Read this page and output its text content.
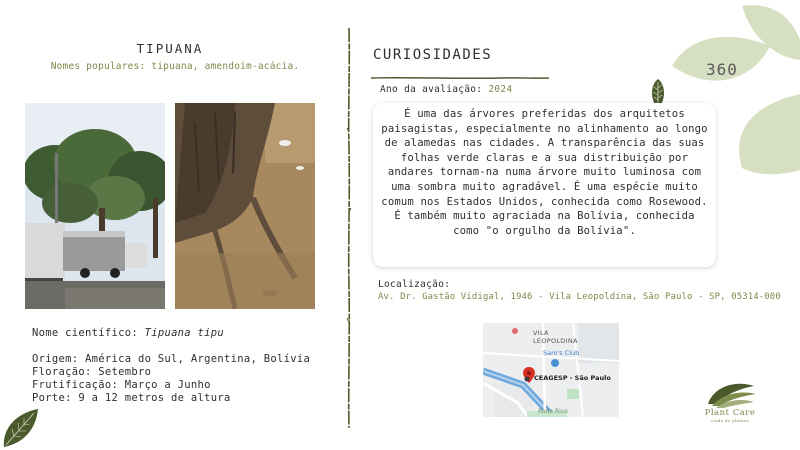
360
TIPUANA
Nomes populares: tipuana, amendoim-acácia.
Nome científico: Tipuana tipu
Origem: América do Sul, Argentina, Bolívia
Floração: Setembro
Frutificação: Março a Junho
Porte: 9 a 12 metros de altura
CURIOSIDADES
Ano da avaliação: 2024
É uma das árvores preferidas dos arquitetos paisagistas, especialmente no alinhamento ao longo de alamedas nas cidades. A transparência das suas folhas verde claras e a sua distribuição por andares tornam-na numa árvore muito luminosa com uma sombra muito agradável. É uma espécie muito comum nos Estados Unidos, conhecida como Rosewood. É também muito agraciada na Bolívia, conhecida como "o orgulho da Bolívia".
Localização:
Av. Dr. Gastão Vidigal, 1946 - Vila Leopoldina, São Paulo - SP, 05314-000
VILA LEOPOLDINA
Sam's Club
CEAGESP - São Paulo
Roda Rico	Plant Care
cuide de plantas
